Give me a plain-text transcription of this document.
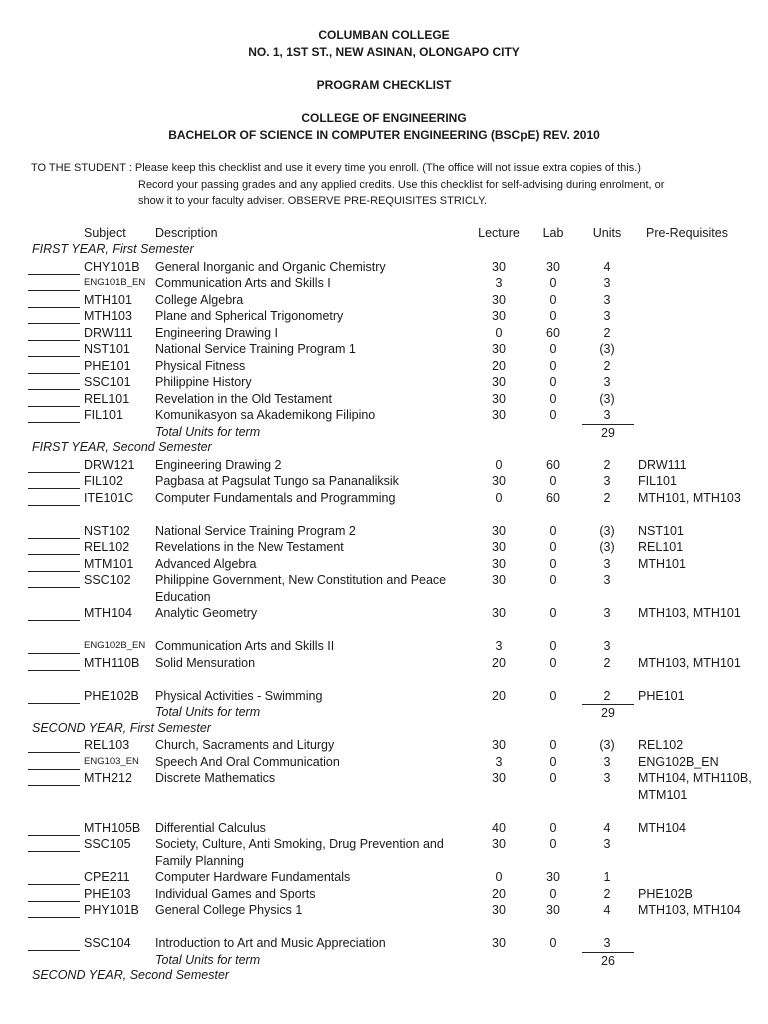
COLUMBAN COLLEGE
NO. 1, 1ST ST., NEW ASINAN, OLONGAPO CITY
PROGRAM CHECKLIST
COLLEGE OF ENGINEERING
BACHELOR OF SCIENCE IN COMPUTER ENGINEERING (BSCpE) REV. 2010
TO THE STUDENT : Please keep this checklist and use it every time you enroll. (The office will not issue extra copies of this.)
Record your passing grades and any applied credits. Use this checklist for self-advising during enrolment, or
show it to your faculty adviser. OBSERVE PRE-REQUISITES STRICLY.
Subject Description	Lecture	Lab	Units	Pre-Requisites
FIRST YEAR, First Semester
CHY101B General Inorganic and Organic Chemistry	30	30	4
ENG101B_EN Communication Arts and Skills I	3	0	3
MTH101 College Algebra	30	0	3
MTH103 Plane and Spherical Trigonometry	30	0	3
DRW111 Engineering Drawing I	0	60	2
NST101 National Service Training Program 1	30	0	(3)
PHE101 Physical Fitness	20	0	2
SSC101 Philippine History	30	0	3
REL101 Revelation in the Old Testament	30	0	(3)
FIL101	Komunikasyon sa Akademikong Filipino	30	0	3
Total Units for term	29
FIRST YEAR, Second Semester
DRW121 Engineering Drawing 2	0	60	2	DRW111
FIL102	Pagbasa at Pagsulat Tungo sa Pananaliksik	30	0	3	FIL101
ITE101C Computer Fundamentals and Programming	0	60	2	MTH101, MTH103
NST102 National Service Training Program 2	30	0	(3)	NST101
REL102 Revelations in the New Testament	30	0	(3)	REL101
MTM101 Advanced Algebra	30	0	3	MTH101
SSC102 Philippine Government, New Constitution and Peace Education
30	0	3
MTH104 Analytic Geometry	30	0	3	MTH103, MTH101
ENG102B_EN Communication Arts and Skills II	3	0	3
MTH110B Solid Mensuration	20	0	2	MTH103, MTH101
PHE102B Physical Activities - Swimming	20	0	2	PHE101
Total Units for term	29
SECOND YEAR, First Semester
REL103 Church, Sacraments and Liturgy	30	0	(3)	REL102
ENG103_EN Speech And Oral Communication	3	0	3	ENG102B_EN
MTH212 Discrete Mathematics	30	0	3	MTH104, MTH110B, MTM101
MTH105B Differential Calculus	40	0	4	MTH104
SSC105 Society, Culture, Anti Smoking, Drug Prevention and Family Planning
30	0	3
CPE211 Computer Hardware Fundamentals	0	30	1
PHE103 Individual Games and Sports	20	0	2	PHE102B
PHY101B General College Physics 1	30	30	4	MTH103, MTH104
SSC104 Introduction to Art and Music Appreciation	30	0	3
Total Units for term	26
SECOND YEAR, Second Semester
